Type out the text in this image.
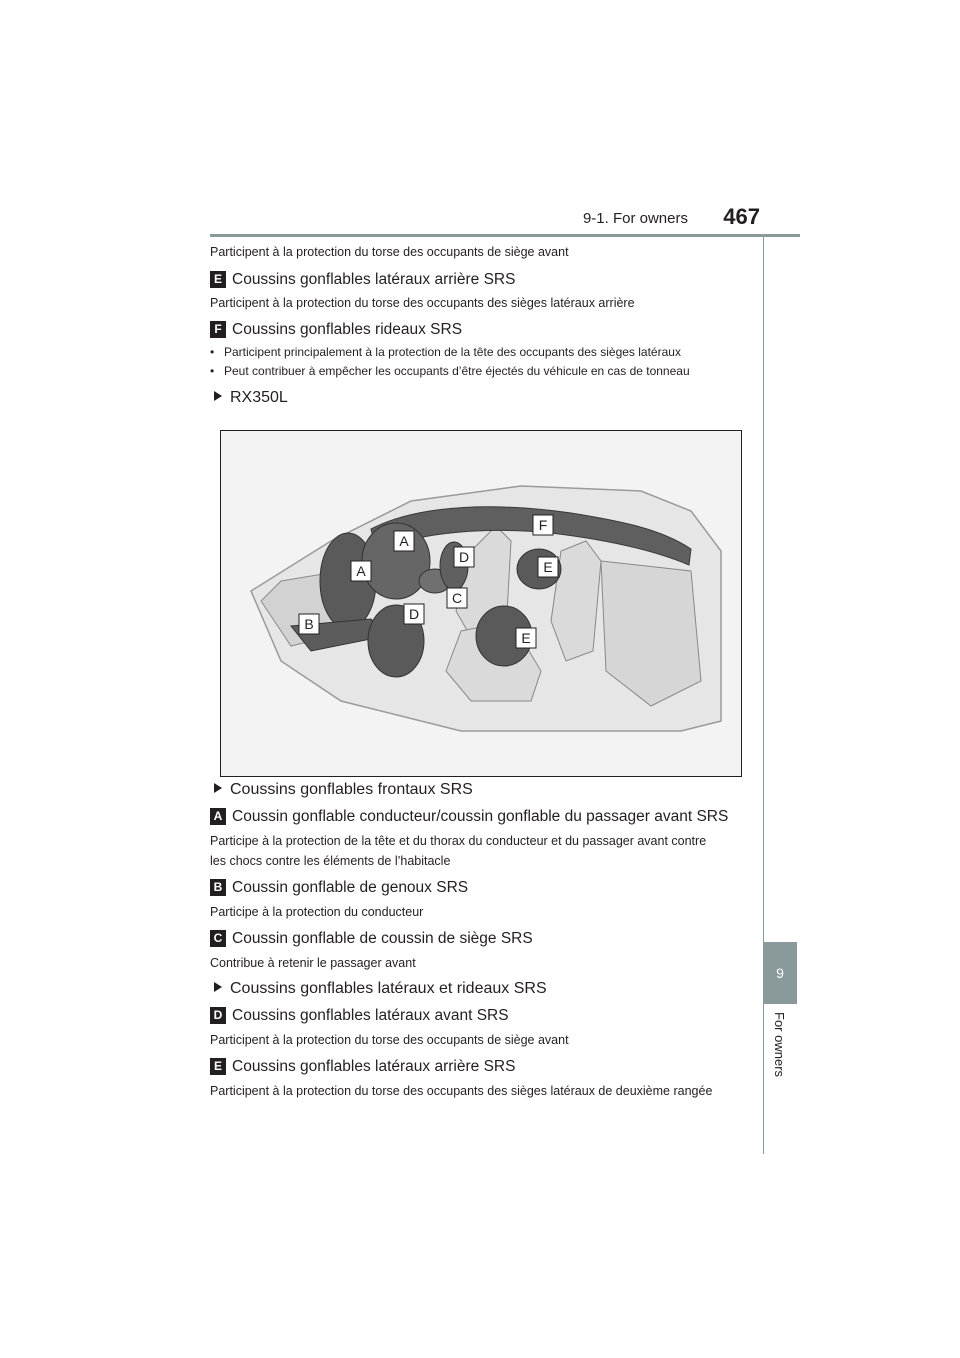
9-1. For owners 467
9
For owners
Participent à la protection du torse des occupants de siège avant
E Coussins gonflables latéraux arrière SRS
Participent à la protection du torse des occupants des sièges latéraux arrière
F Coussins gonflables rideaux SRS
• Participent principalement à la protection de la tête des occupants des sièges latéraux
• Peut contribuer à empêcher les occupants d’être éjectés du véhicule en cas de tonneau
RX350L
A
A
B
C
D
D
E
E
F
Coussins gonflables frontaux SRS
A Coussin gonflable conducteur/coussin gonflable du passager avant SRS
Participe à la protection de la tête et du thorax du conducteur et du passager avant contre
les chocs contre les éléments de l’habitacle
B Coussin gonflable de genoux SRS
Participe à la protection du conducteur
C Coussin gonflable de coussin de siège SRS
Contribue à retenir le passager avant
Coussins gonflables latéraux et rideaux SRS
D Coussins gonflables latéraux avant SRS
Participent à la protection du torse des occupants de siège avant
E Coussins gonflables latéraux arrière SRS
Participent à la protection du torse des occupants des sièges latéraux de deuxième rangée
